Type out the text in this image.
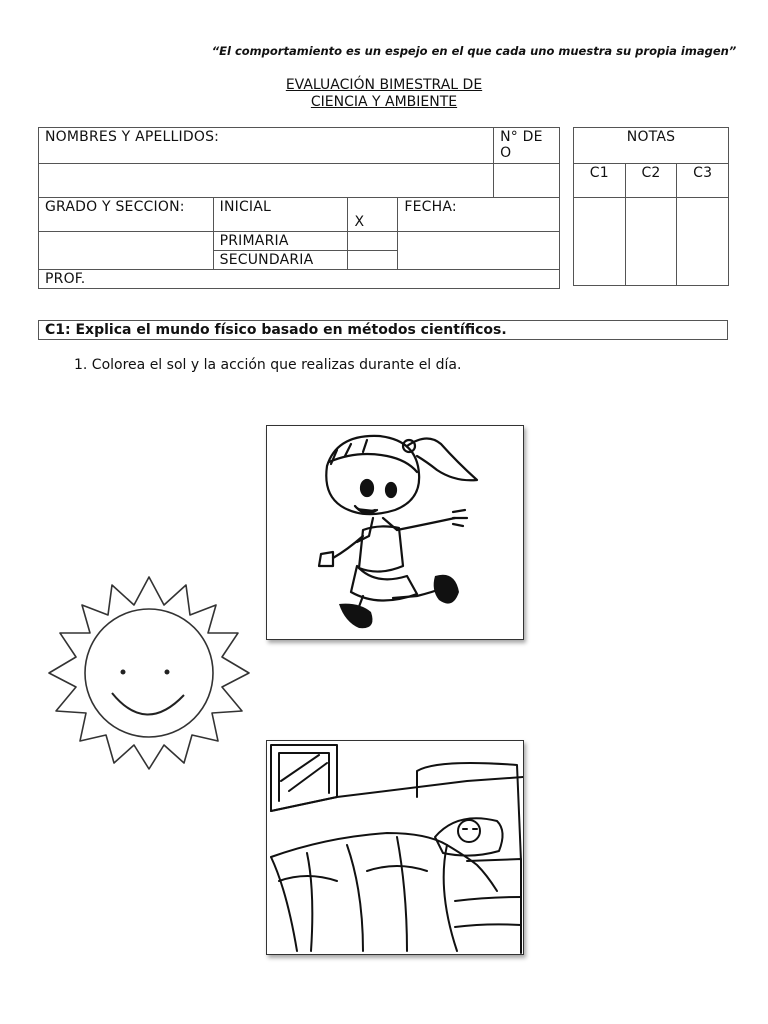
“El comportamiento es un espejo en el que cada uno muestra su propia imagen”
EVALUACIÓN BIMESTRAL DE
CIENCIA Y AMBIENTE
NOMBRES Y APELLIDOS:				N° DE O

GRADO Y SECCION:	INICIAL	X	FECHA:	
	PRIMARIA			
	SECUNDARIA			
PROF.				
NOTAS		
C1	C2	C3

C1: Explica el mundo físico basado en métodos científicos.
1. Colorea el sol y la acción que realizas durante el día.
